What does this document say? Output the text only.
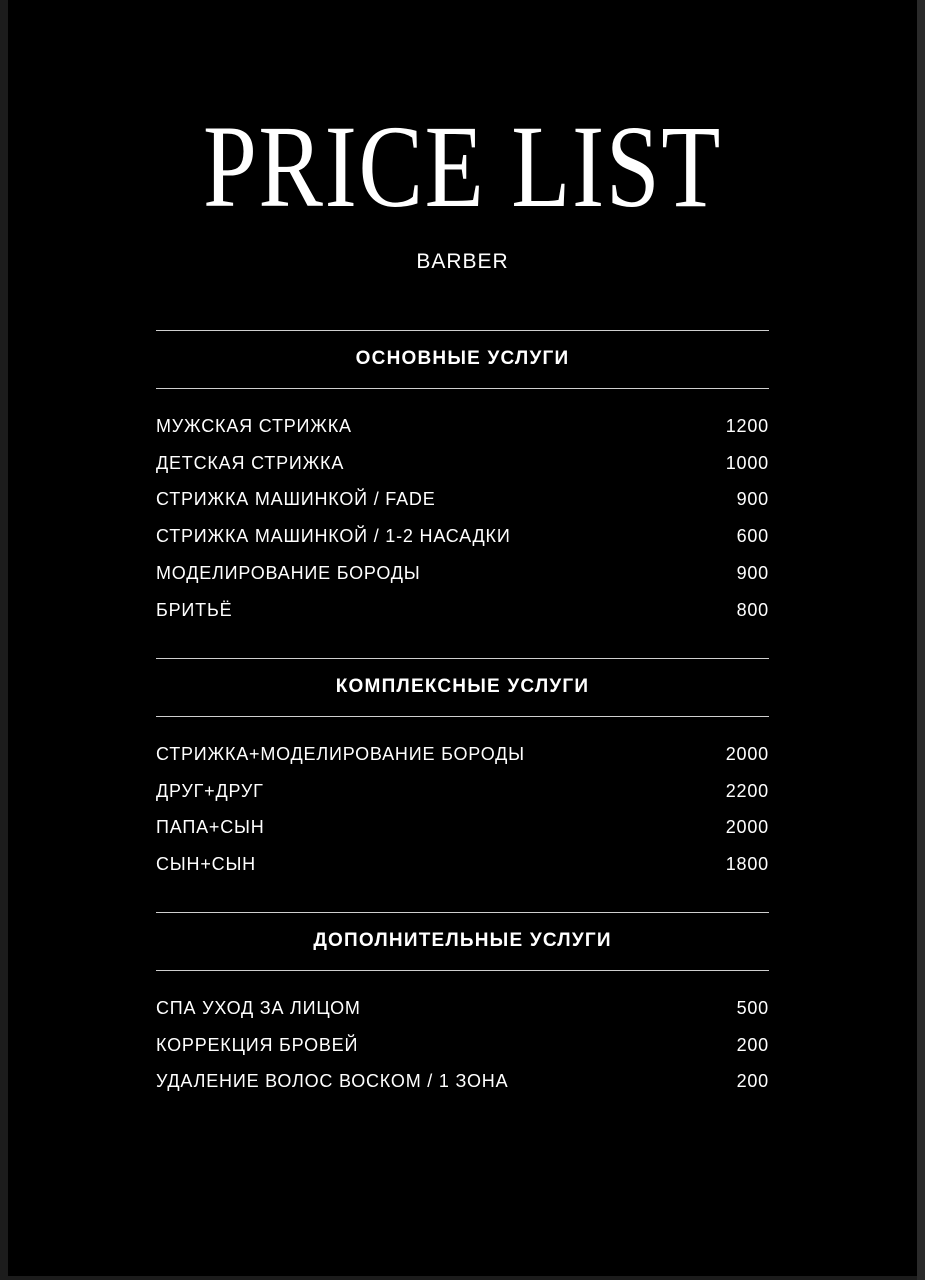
PRICE LIST
BARBER
ОСНОВНЫЕ УСЛУГИ
МУЖСКАЯ СТРИЖКА	1200
ДЕТСКАЯ СТРИЖКА	1000
СТРИЖКА МАШИНКОЙ / FADE	900
СТРИЖКА МАШИНКОЙ / 1-2 НАСАДКИ	600
МОДЕЛИРОВАНИЕ БОРОДЫ	900
БРИТЬЁ	800
КОМПЛЕКСНЫЕ УСЛУГИ
СТРИЖКА+МОДЕЛИРОВАНИЕ БОРОДЫ	2000
ДРУГ+ДРУГ	2200
ПАПА+СЫН	2000
СЫН+СЫН	1800
ДОПОЛНИТЕЛЬНЫЕ УСЛУГИ
СПА УХОД ЗА ЛИЦОМ	500
КОРРЕКЦИЯ БРОВЕЙ	200
УДАЛЕНИЕ ВОЛОС ВОСКОМ / 1 ЗОНА	200
